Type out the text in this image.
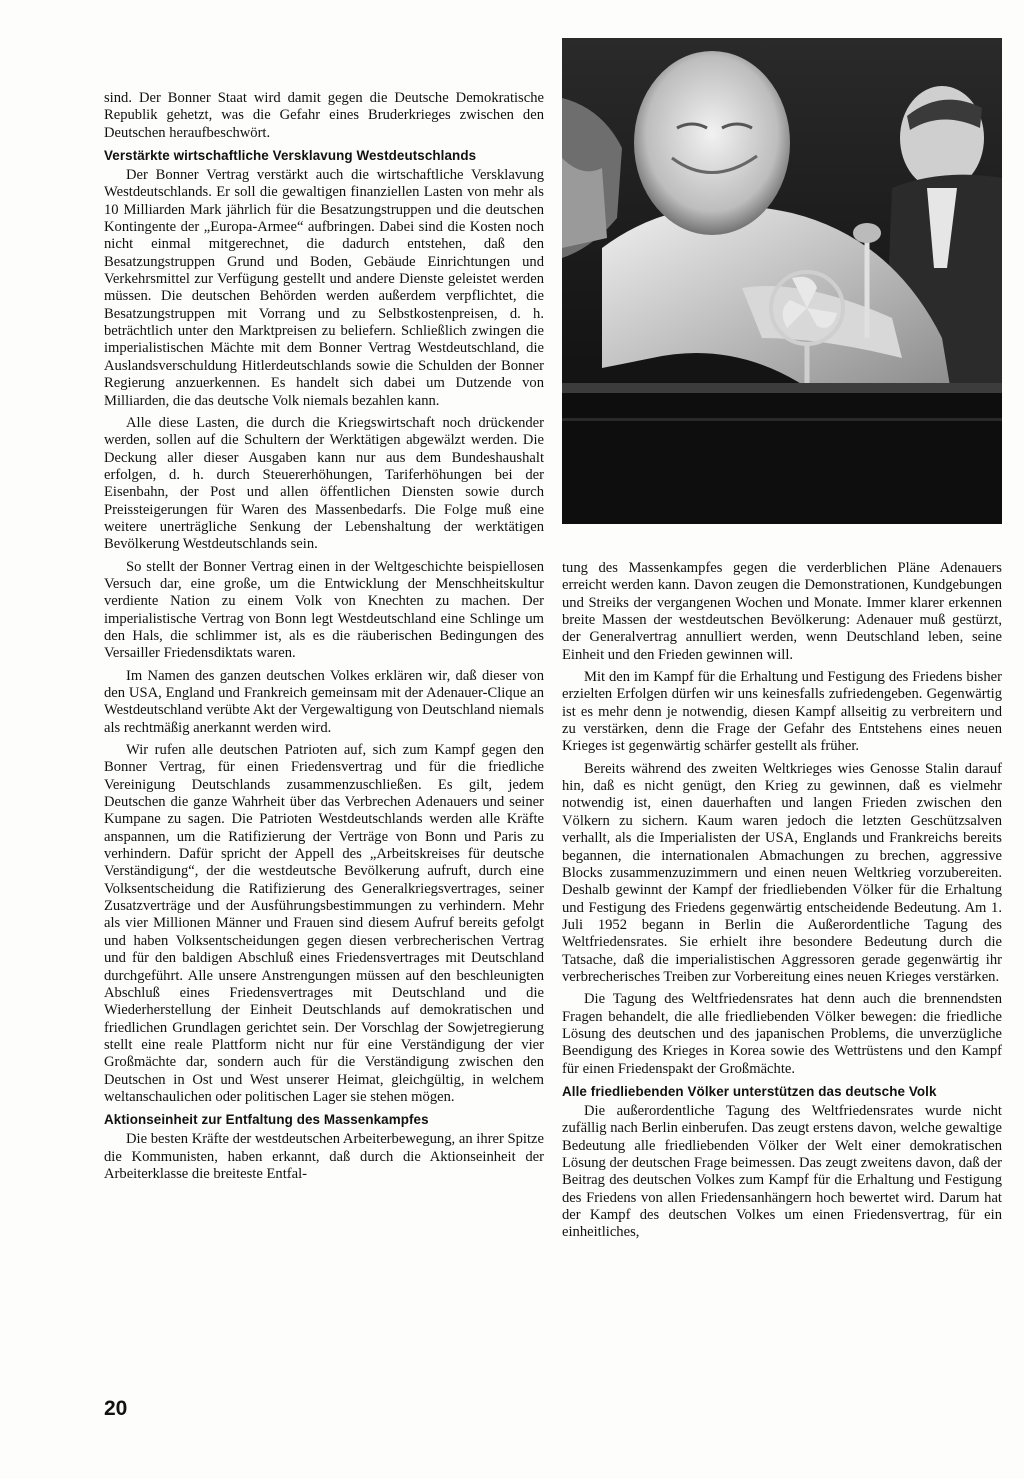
sind. Der Bonner Staat wird damit gegen die Deutsche Demokratische Republik gehetzt, was die Gefahr eines Bruderkrieges zwischen den Deutschen heraufbeschwört.

Verstärkte wirtschaftliche Versklavung Westdeutschlands

Der Bonner Vertrag verstärkt auch die wirtschaftliche Versklavung Westdeutschlands. Er soll die gewaltigen finanziellen Lasten von mehr als 10 Milliarden Mark jährlich für die Besatzungstruppen und die deutschen Kontingente der „Europa-Armee“ aufbringen. Dabei sind die Kosten noch nicht einmal mitgerechnet, die dadurch entstehen, daß den Besatzungstruppen Grund und Boden, Gebäude Einrichtungen und Verkehrsmittel zur Verfügung gestellt und andere Dienste geleistet werden müssen. Die deutschen Behörden werden außerdem verpflichtet, die Besatzungstruppen mit Vorrang und zu Selbstkostenpreisen, d. h. beträchtlich unter den Marktpreisen zu beliefern. Schließlich zwingen die imperialistischen Mächte mit dem Bonner Vertrag Westdeutschland, die Auslandsverschuldung Hitlerdeutschlands sowie die Schulden der Bonner Regierung anzuerkennen. Es handelt sich dabei um Dutzende von Milliarden, die das deutsche Volk niemals bezahlen kann.

Alle diese Lasten, die durch die Kriegswirtschaft noch drückender werden, sollen auf die Schultern der Werktätigen abgewälzt werden. Die Deckung aller dieser Ausgaben kann nur aus dem Bundeshaushalt erfolgen, d. h. durch Steuererhöhungen, Tariferhöhungen bei der Eisenbahn, der Post und allen öffentlichen Diensten sowie durch Preissteigerungen für Waren des Massenbedarfs. Die Folge muß eine weitere unerträgliche Senkung der Lebenshaltung der werktätigen Bevölkerung Westdeutschlands sein.

So stellt der Bonner Vertrag einen in der Weltgeschichte beispiellosen Versuch dar, eine große, um die Entwicklung der Menschheitskultur verdiente Nation zu einem Volk von Knechten zu machen. Der imperialistische Vertrag von Bonn legt Westdeutschland eine Schlinge um den Hals, die schlimmer ist, als es die räuberischen Bedingungen des Versailler Friedensdiktats waren.

Im Namen des ganzen deutschen Volkes erklären wir, daß dieser von den USA, England und Frankreich gemeinsam mit der Adenauer-Clique an Westdeutschland verübte Akt der Vergewaltigung von Deutschland niemals als rechtmäßig anerkannt werden wird.

Wir rufen alle deutschen Patrioten auf, sich zum Kampf gegen den Bonner Vertrag, für einen Friedensvertrag und für die friedliche Vereinigung Deutschlands zusammenzuschließen. Es gilt, jedem Deutschen die ganze Wahrheit über das Verbrechen Adenauers und seiner Kumpane zu sagen. Die Patrioten Westdeutschlands werden alle Kräfte anspannen, um die Ratifizierung der Verträge von Bonn und Paris zu verhindern. Dafür spricht der Appell des „Arbeitskreises für deutsche Verständigung“, der die westdeutsche Bevölkerung aufruft, durch eine Volksentscheidung die Ratifizierung des Generalkriegsvertrages, seiner Zusatzverträge und der Ausführungsbestimmungen zu verhindern. Mehr als vier Millionen Männer und Frauen sind diesem Aufruf bereits gefolgt und haben Volksentscheidungen gegen diesen verbrecherischen Vertrag und für den baldigen Abschluß eines Friedensvertrages mit Deutschland durchgeführt. Alle unsere Anstrengungen müssen auf den beschleunigten Abschluß eines Friedensvertrages mit Deutschland und die Wiederherstellung der Einheit Deutschlands auf demokratischen und friedlichen Grundlagen gerichtet sein. Der Vorschlag der Sowjetregierung stellt eine reale Plattform nicht nur für eine Verständigung der vier Großmächte dar, sondern auch für die Verständigung zwischen den Deutschen in Ost und West unserer Heimat, gleichgültig, in welchem weltanschaulichen oder politischen Lager sie stehen mögen.

Aktionseinheit zur Entfaltung des Massenkampfes

Die besten Kräfte der westdeutschen Arbeiterbewegung, an ihrer Spitze die Kommunisten, haben erkannt, daß durch die Aktionseinheit der Arbeiterklasse die breiteste Entfal-

tung des Massenkampfes gegen die verderblichen Pläne Adenauers erreicht werden kann. Davon zeugen die Demonstrationen, Kundgebungen und Streiks der vergangenen Wochen und Monate. Immer klarer erkennen breite Massen der westdeutschen Bevölkerung: Adenauer muß gestürzt, der Generalvertrag annulliert werden, wenn Deutschland leben, seine Einheit und den Frieden gewinnen will.

Mit den im Kampf für die Erhaltung und Festigung des Friedens bisher erzielten Erfolgen dürfen wir uns keinesfalls zufriedengeben. Gegenwärtig ist es mehr denn je notwendig, diesen Kampf allseitig zu verbreitern und zu verstärken, denn die Frage der Gefahr des Entstehens eines neuen Krieges ist gegenwärtig schärfer gestellt als früher.

Bereits während des zweiten Weltkrieges wies Genosse Stalin darauf hin, daß es nicht genügt, den Krieg zu gewinnen, daß es vielmehr notwendig ist, einen dauerhaften und langen Frieden zwischen den Völkern zu sichern. Kaum waren jedoch die letzten Geschützsalven verhallt, als die Imperialisten der USA, Englands und Frankreichs bereits begannen, die internationalen Abmachungen zu brechen, aggressive Blocks zusammenzuzimmern und einen neuen Weltkrieg vorzubereiten. Deshalb gewinnt der Kampf der friedliebenden Völker für die Erhaltung und Festigung des Friedens gegenwärtig entscheidende Bedeutung. Am 1. Juli 1952 begann in Berlin die Außerordentliche Tagung des Weltfriedensrates. Sie erhielt ihre besondere Bedeutung durch die Tatsache, daß die imperialistischen Aggressoren gerade gegenwärtig ihr verbrecherisches Treiben zur Vorbereitung eines neuen Krieges verstärken.

Die Tagung des Weltfriedensrates hat denn auch die brennendsten Fragen behandelt, die alle friedliebenden Völker bewegen: die friedliche Lösung des deutschen und des japanischen Problems, die unverzügliche Beendigung des Krieges in Korea sowie des Wettrüstens und den Kampf für einen Friedenspakt der Großmächte.

Alle friedliebenden Völker unterstützen das deutsche Volk

Die außerordentliche Tagung des Weltfriedensrates wurde nicht zufällig nach Berlin einberufen. Das zeugt erstens davon, welche gewaltige Bedeutung alle friedliebenden Völker der Welt einer demokratischen Lösung der deutschen Frage beimessen. Das zeugt zweitens davon, daß der Beitrag des deutschen Volkes zum Kampf für die Erhaltung und Festigung des Friedens von allen Friedensanhängern hoch bewertet wird. Darum hat der Kampf des deutschen Volkes um einen Friedensvertrag, für ein einheitliches,

20
